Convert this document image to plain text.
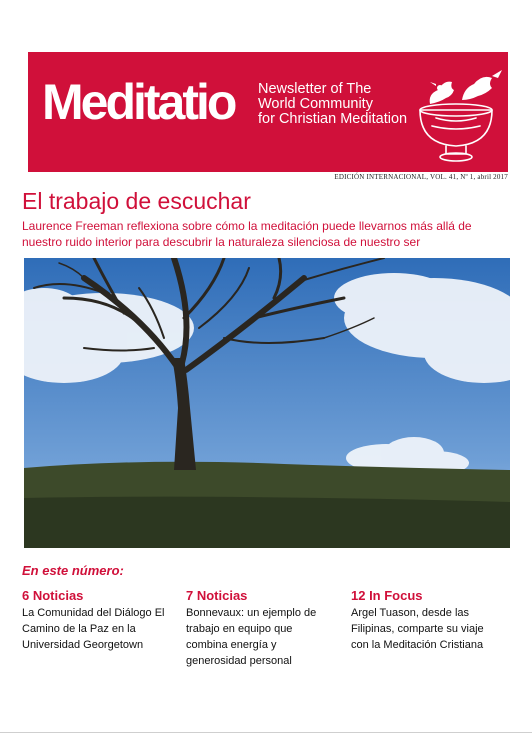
Meditatio Newsletter of The
World Community
for Christian Meditation
EDICIÓN INTERNACIONAL, VOL. 41, Nº 1, abril 2017
El trabajo de escuchar
Laurence Freeman reflexiona sobre cómo la meditación puede llevarnos más allá de nuestro ruido interior para descubrir la naturaleza silenciosa de nuestro ser
En este número:
6 Noticias
La Comunidad del Diálogo El Camino de la Paz en la Universidad Georgetown
7 Noticias
Bonnevaux: un ejemplo de trabajo en equipo que combina energía y generosidad personal
12 In Focus
Argel Tuason, desde las Filipinas, comparte su viaje con la Meditación Cristiana
